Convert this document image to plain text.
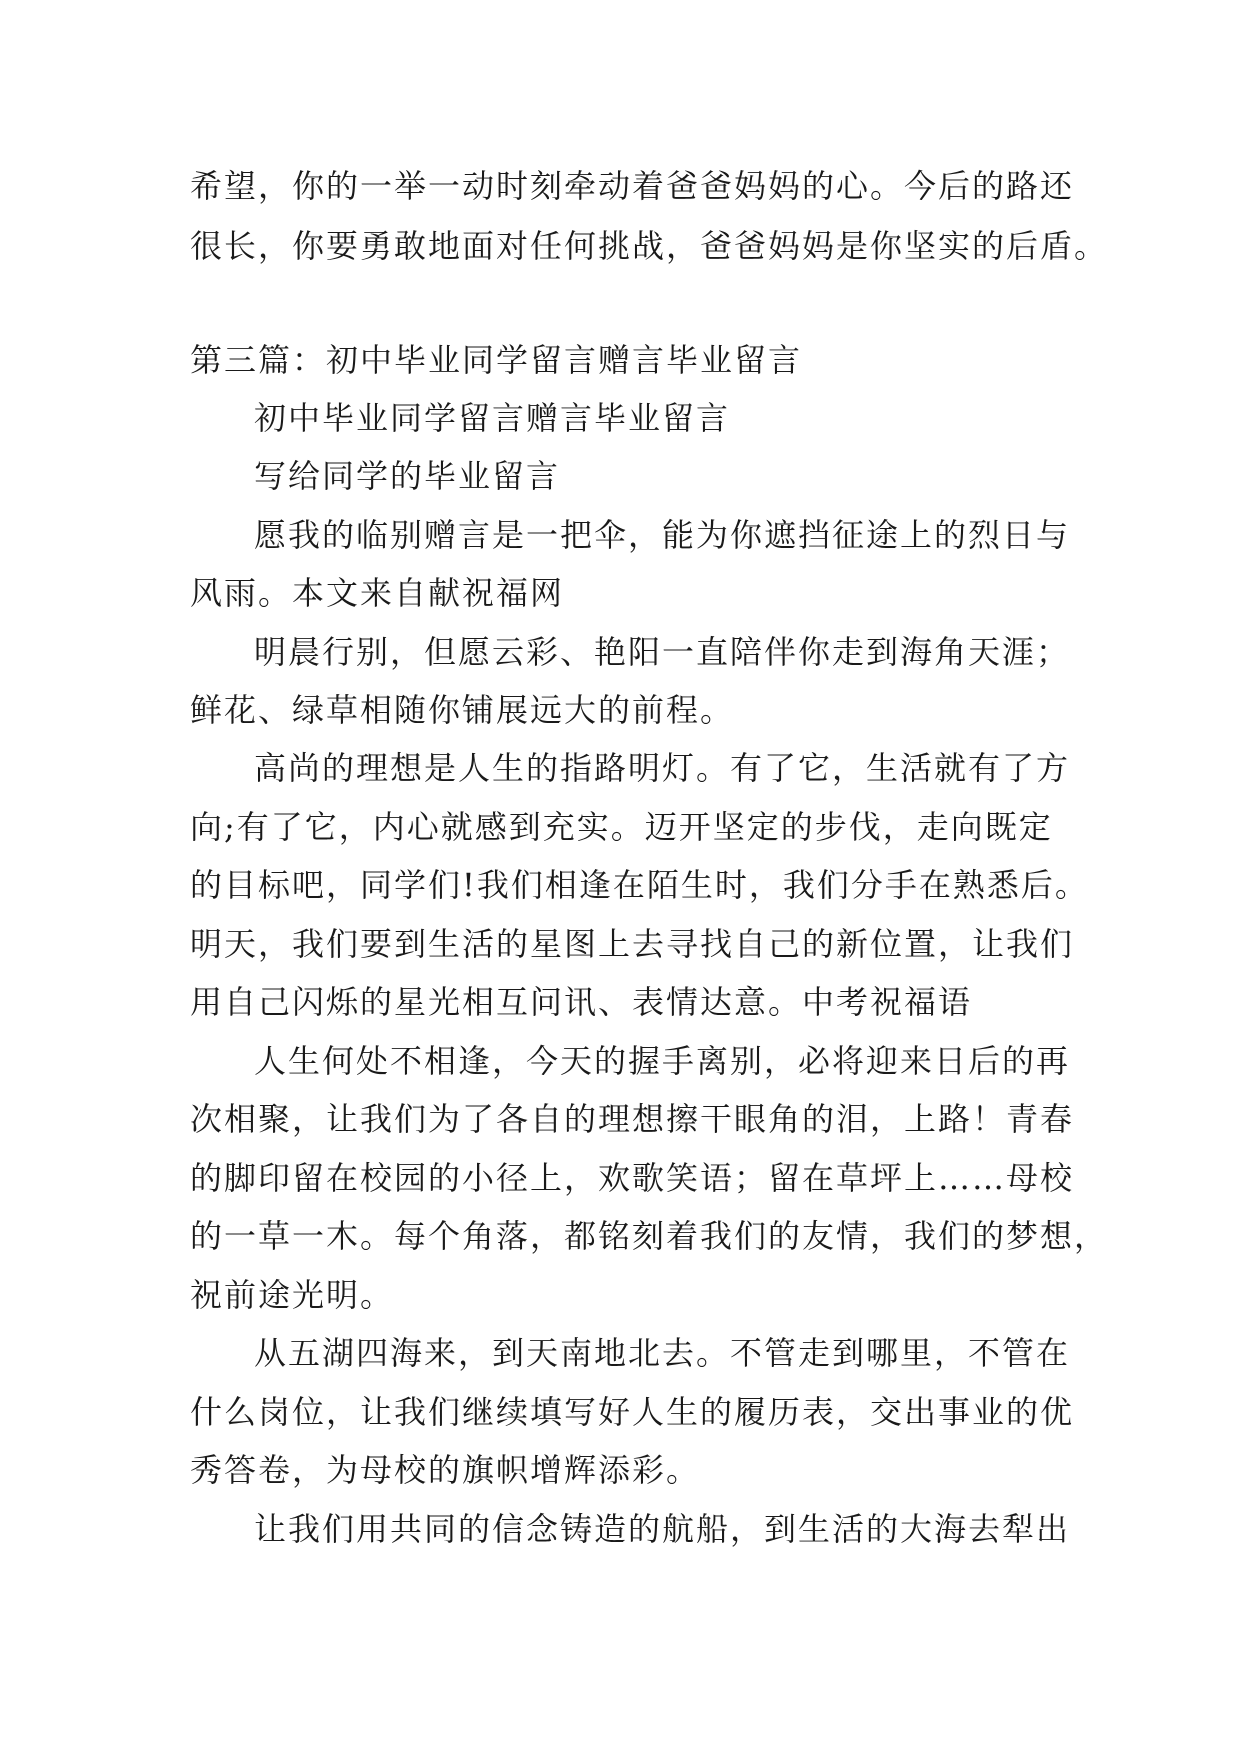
希望，你的一举一动时刻牵动着爸爸妈妈的心。今后的路还
很长，你要勇敢地面对任何挑战，爸爸妈妈是你坚实的后盾。
第三篇：初中毕业同学留言赠言毕业留言
初中毕业同学留言赠言毕业留言
写给同学的毕业留言
愿我的临别赠言是一把伞，能为你遮挡征途上的烈日与
风雨。本文来自献祝福网
明晨行别，但愿云彩、艳阳一直陪伴你走到海角天涯；
鲜花、绿草相随你铺展远大的前程。
高尚的理想是人生的指路明灯。有了它，生活就有了方
向;有了它，内心就感到充实。迈开坚定的步伐，走向既定
的目标吧，同学们!我们相逢在陌生时，我们分手在熟悉后。
明天，我们要到生活的星图上去寻找自己的新位置，让我们
用自己闪烁的星光相互问讯、表情达意。中考祝福语
人生何处不相逢，今天的握手离别，必将迎来日后的再
次相聚，让我们为了各自的理想擦干眼角的泪，上路！青春
的脚印留在校园的小径上，欢歌笑语；留在草坪上……母校
的一草一木。每个角落，都铭刻着我们的友情，我们的梦想，
祝前途光明。
从五湖四海来，到天南地北去。不管走到哪里，不管在
什么岗位，让我们继续填写好人生的履历表，交出事业的优
秀答卷，为母校的旗帜增辉添彩。
让我们用共同的信念铸造的航船，到生活的大海去犁出
